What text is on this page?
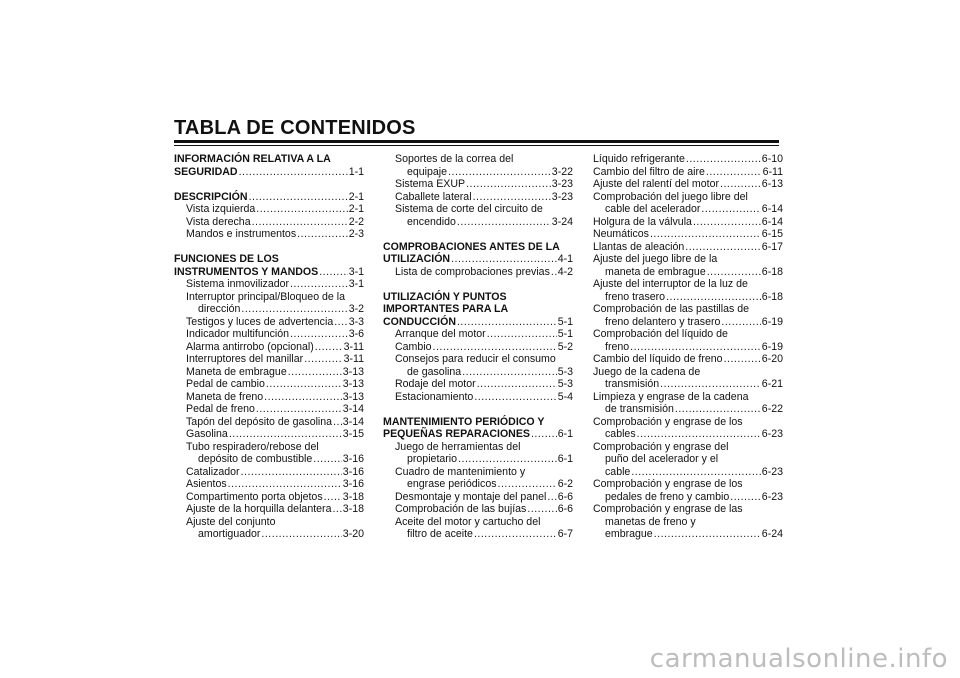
TABLA DE CONTENIDOS
INFORMACIÓN RELATIVA A LA
SEGURIDAD .....	1-1
DESCRIPCIÓN .....	2-1
Vista izquierda .....	2-1
Vista derecha .....	2-2
Mandos e instrumentos .....	2-3
FUNCIONES DE LOS
INSTRUMENTOS Y MANDOS .....	3-1
Sistema inmovilizador .....	3-1
Interruptor principal/Bloqueo de la
dirección .....	3-2
Testigos y luces de advertencia ..... 3-3
Indicador multifunción .....	3-6
Alarma antirrobo (opcional) .....	3-11
Interruptores del manillar .....	3-11
Maneta de embrague .....	3-13
Pedal de cambio .....	3-13
Maneta de freno .....	3-13
Pedal de freno .....	3-14
Tapón del depósito de gasolina ..... 3-14
Gasolina .....	3-15
Tubo respiradero/rebose del
depósito de combustible .....	3-16
Catalizador .....	3-16
Asientos .....	3-16
Compartimento porta objetos ..... 3-18
Ajuste de la horquilla delantera ..... 3-18
Ajuste del conjunto
amortiguador .....	3-20
Soportes de la correa del
equipaje .....	3-22
Sistema EXUP .....	3-23
Caballete lateral .....	3-23
Sistema de corte del circuito de
encendido .....	3-24
COMPROBACIONES ANTES DE LA
UTILIZACIÓN .....	4-1
Lista de comprobaciones previas ..... 4-2
UTILIZACIÓN Y PUNTOS
IMPORTANTES PARA LA
CONDUCCIÓN .....	5-1
Arranque del motor .....	5-1
Cambio .....	5-2
Consejos para reducir el consumo
de gasolina .....	5-3
Rodaje del motor .....	5-3
Estacionamiento .....	5-4
MANTENIMIENTO PERIÓDICO Y
PEQUEÑAS REPARACIONES .....	6-1
Juego de herramientas del
propietario .....	6-1
Cuadro de mantenimiento y
engrase periódicos .....	6-2
Desmontaje y montaje del panel ..... 6-6
Comprobación de las bujías .....	6-6
Aceite del motor y cartucho del
filtro de aceite .....	6-7
Líquido refrigerante .....	6-10
Cambio del filtro de aire .....	6-11
Ajuste del ralentí del motor .....	6-13
Comprobación del juego libre del
cable del acelerador .....	6-14
Holgura de la válvula .....	6-14
Neumáticos .....	6-15
Llantas de aleación .....	6-17
Ajuste del juego libre de la
maneta de embrague .....	6-18
Ajuste del interruptor de la luz de
freno trasero .....	6-18
Comprobación de las pastillas de
freno delantero y trasero .....	6-19
Comprobación del líquido de
freno .....	6-19
Cambio del líquido de freno .....	6-20
Juego de la cadena de
transmisión .....	6-21
Limpieza y engrase de la cadena
de transmisión .....	6-22
Comprobación y engrase de los
cables .....	6-23
Comprobación y engrase del
puño del acelerador y el
cable .....	6-23
Comprobación y engrase de los
pedales de freno y cambio .....	6-23
Comprobación y engrase de las
manetas de freno y
embrague .....	6-24
carmanualsonline.info
